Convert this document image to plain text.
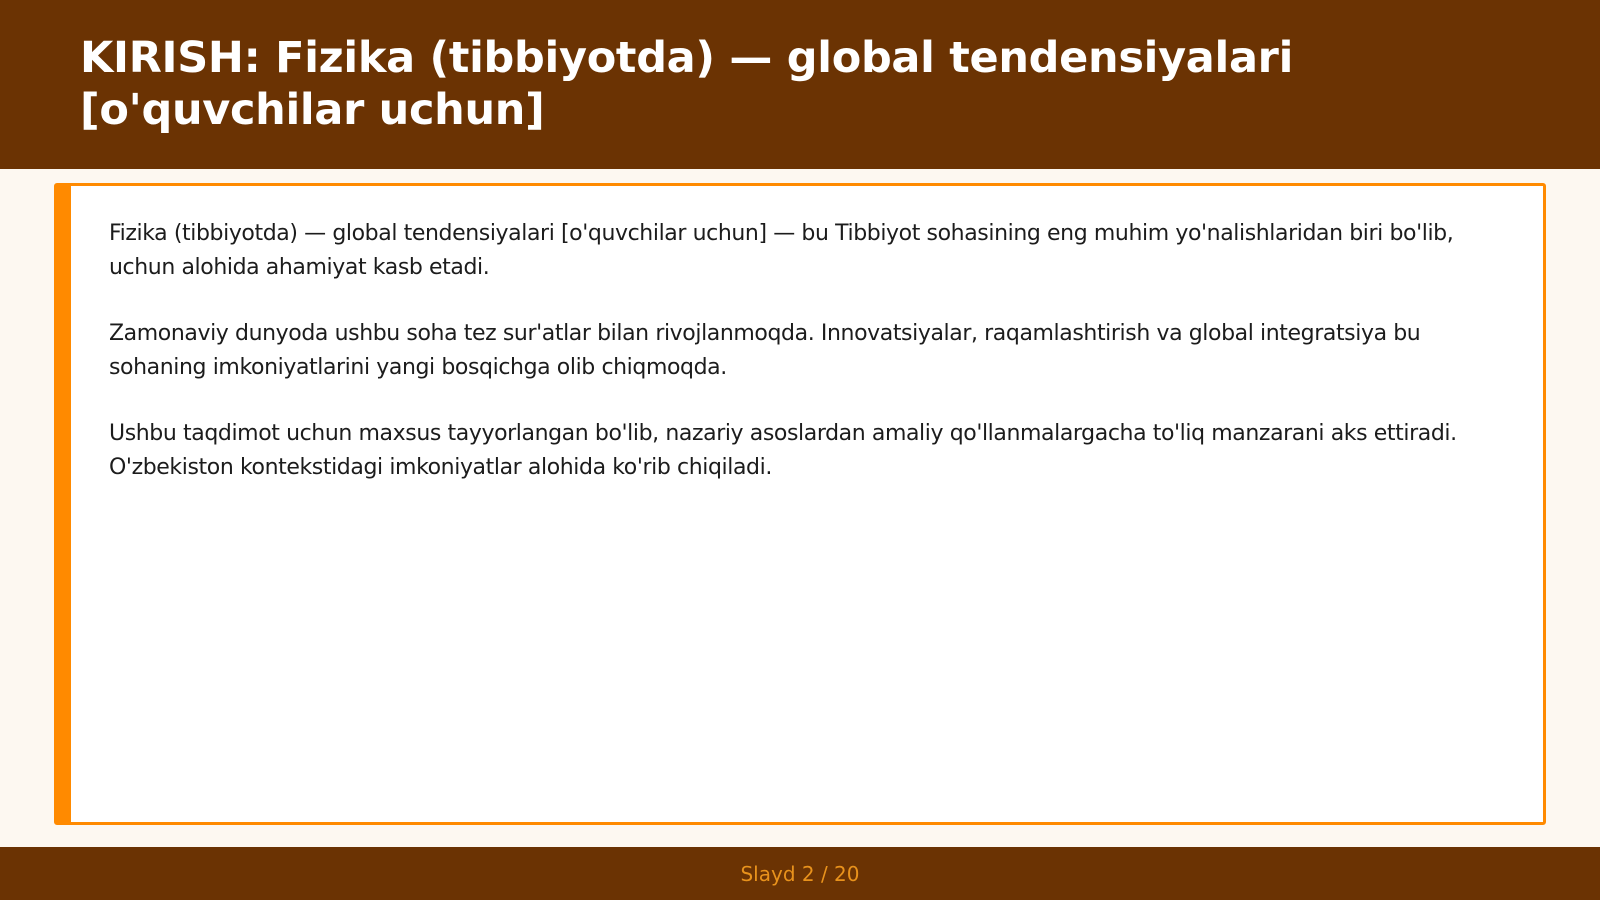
KIRISH: Fizika (tibbiyotda) — global tendensiyalari [o'quvchilar uchun]

Fizika (tibbiyotda) — global tendensiyalari [o'quvchilar uchun] — bu Tibbiyot sohasining eng muhim yo'nalishlaridan biri bo'lib, uchun alohida ahamiyat kasb etadi.

Zamonaviy dunyoda ushbu soha tez sur'atlar bilan rivojlanmoqda. Innovatsiyalar, raqamlashtirish va global integratsiya bu sohaning imkoniyatlarini yangi bosqichga olib chiqmoqda.

Ushbu taqdimot uchun maxsus tayyorlangan bo'lib, nazariy asoslardan amaliy qo'llanmalargacha to'liq manzarani aks ettiradi. O'zbekiston kontekstidagi imkoniyatlar alohida ko'rib chiqiladi.

Slayd 2 / 20
